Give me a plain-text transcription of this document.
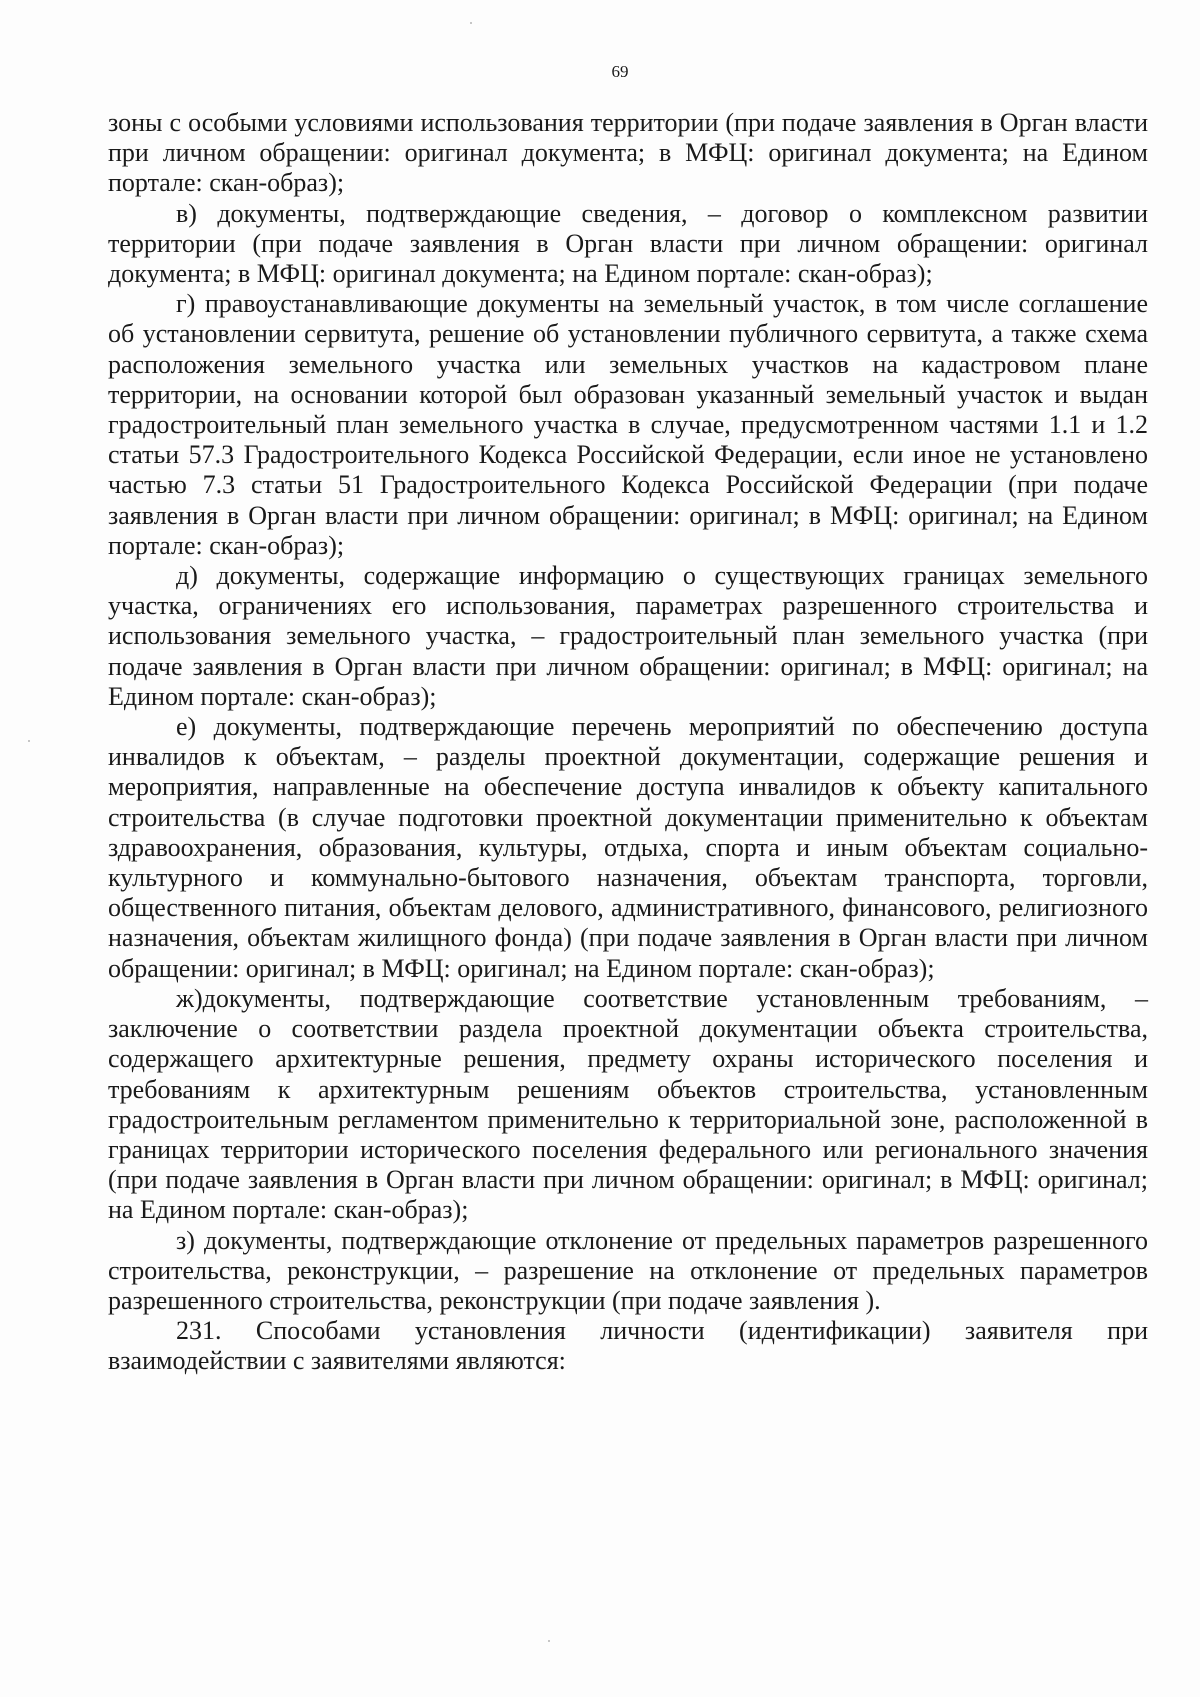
69

зоны с особыми условиями использования территории (при подаче заявления в Орган власти при личном обращении: оригинал документа; в МФЦ: оригинал документа; на Едином портале: скан-образ);

в) документы, подтверждающие сведения, – договор о комплексном развитии территории (при подаче заявления в Орган власти при личном обращении: оригинал документа; в МФЦ: оригинал документа; на Едином портале: скан-образ);

г) правоустанавливающие документы на земельный участок, в том числе соглашение об установлении сервитута, решение об установлении публичного сервитута, а также схема расположения земельного участка или земельных участков на кадастровом плане территории, на основании которой был образован указанный земельный участок и выдан градостроительный план земельного участка в случае, предусмотренном частями 1.1 и 1.2 статьи 57.3 Градостроительного Кодекса Российской Федерации, если иное не установлено частью 7.3 статьи 51 Градостроительного Кодекса Российской Федерации (при подаче заявления в Орган власти при личном обращении: оригинал; в МФЦ: оригинал; на Едином портале: скан-образ);

д) документы, содержащие информацию о существующих границах земельного участка, ограничениях его использования, параметрах разрешенного строительства и использования земельного участка, – градостроительный план земельного участка (при подаче заявления в Орган власти при личном обращении: оригинал; в МФЦ: оригинал; на Едином портале: скан-образ);

е) документы, подтверждающие перечень мероприятий по обеспечению доступа инвалидов к объектам, – разделы проектной документации, содержащие решения и мероприятия, направленные на обеспечение доступа инвалидов к объекту капитального строительства (в случае подготовки проектной документации применительно к объектам здравоохранения, образования, культуры, отдыха, спорта и иным объектам социально-культурного и коммунально-бытового назначения, объектам транспорта, торговли, общественного питания, объектам делового, административного, финансового, религиозного назначения, объектам жилищного фонда) (при подаче заявления в Орган власти при личном обращении: оригинал; в МФЦ: оригинал; на Едином портале: скан-образ);

ж)документы, подтверждающие соответствие установленным требованиям, – заключение о соответствии раздела проектной документации объекта строительства, содержащего архитектурные решения, предмету охраны исторического поселения и требованиям к архитектурным решениям объектов строительства, установленным градостроительным регламентом применительно к территориальной зоне, расположенной в границах территории исторического поселения федерального или регионального значения (при подаче заявления в Орган власти при личном обращении: оригинал; в МФЦ: оригинал; на Едином портале: скан-образ);

з) документы, подтверждающие отклонение от предельных параметров разрешенного строительства, реконструкции, – разрешение на отклонение от предельных параметров разрешенного строительства, реконструкции (при подаче заявления ).

231. Способами установления личности (идентификации) заявителя при взаимодействии с заявителями являются:
